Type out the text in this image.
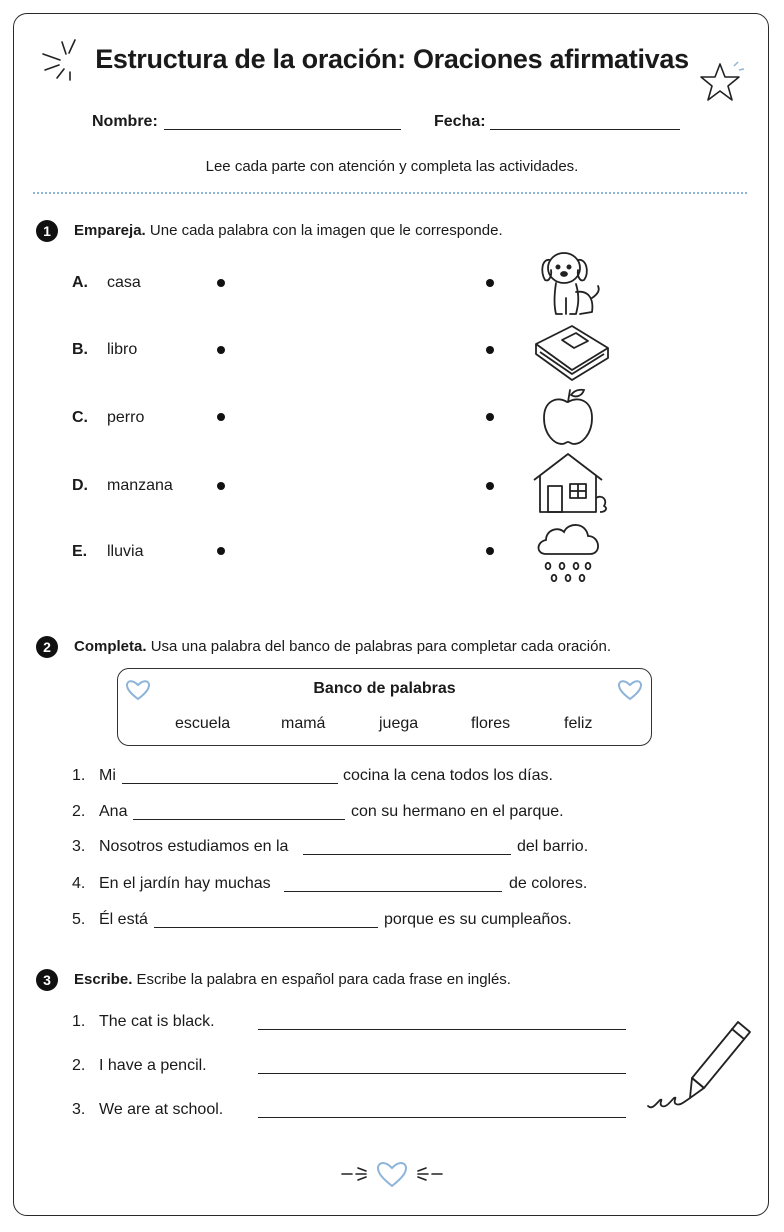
Estructura de la oración: Oraciones afirmativas
Nombre:	Fecha:
Lee cada parte con atención y completa las actividades.
1	Empareja. Une cada palabra con la imagen que le corresponde.
A. casa
B. libro
C. perro
D. manzana
E. lluvia
2	Completa. Usa una palabra del banco de palabras para completar cada oración.
Banco de palabras
escuela	mamá	juega	flores	feliz
1. Mi	cocina la cena todos los días.
2. Ana	con su hermano en el parque.
3. Nosotros estudiamos en la	del barrio.
4. En el jardín hay muchas	de colores.
5. Él está	porque es su cumpleaños.
3	Escribe. Escribe la palabra en español para cada frase en inglés.
1. The cat is black.
2. I have a pencil.
3. We are at school.
